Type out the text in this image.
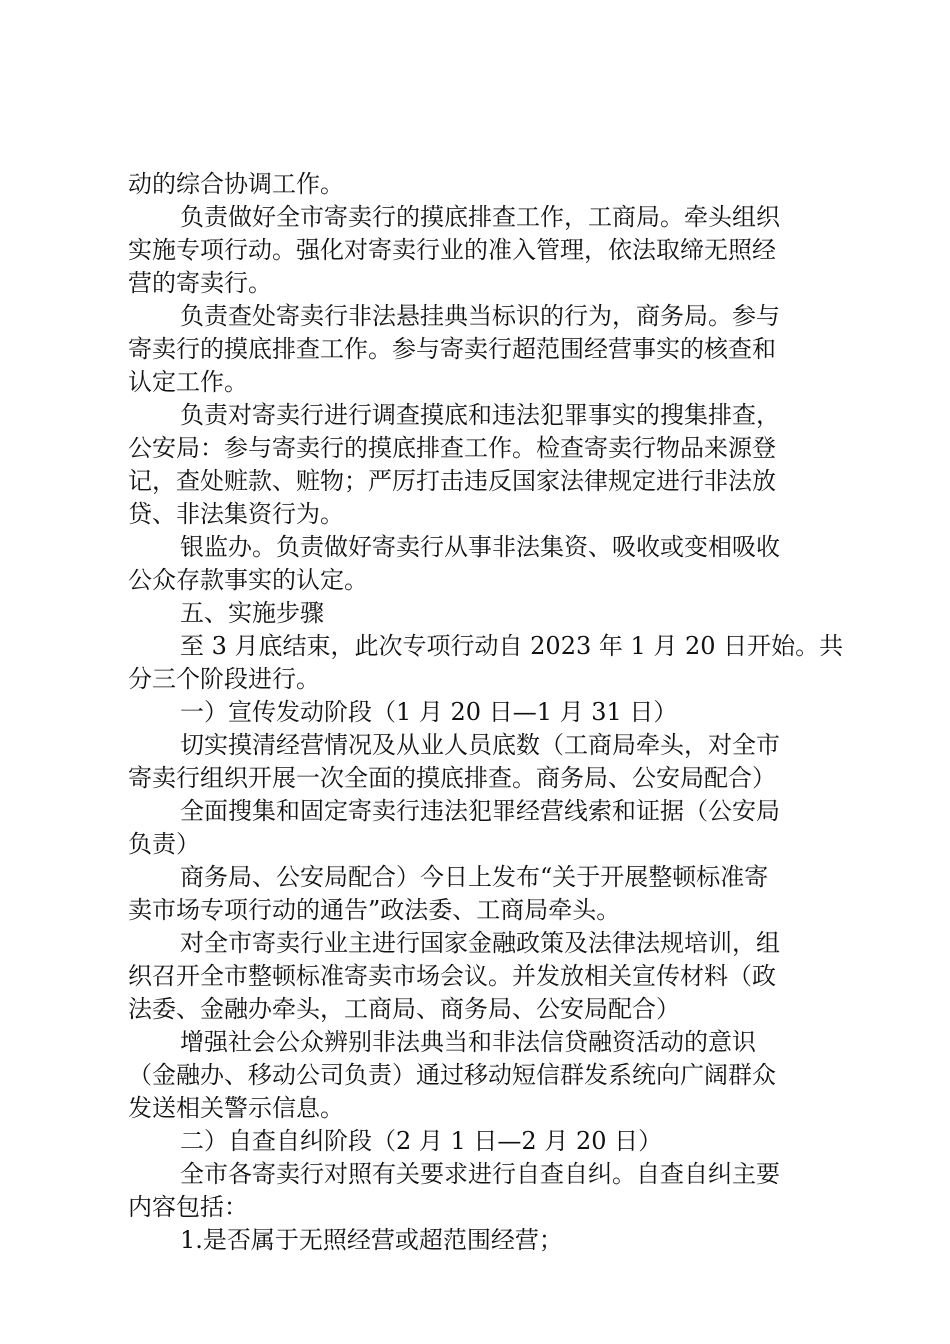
动的综合协调工作。
负责做好全市寄卖行的摸底排查工作，工商局。牵头组织
实施专项行动。强化对寄卖行业的准入管理，依法取缔无照经
营的寄卖行。
负责查处寄卖行非法悬挂典当标识的行为，商务局。参与
寄卖行的摸底排查工作。参与寄卖行超范围经营事实的核查和
认定工作。
负责对寄卖行进行调查摸底和违法犯罪事实的搜集排查，
公安局：参与寄卖行的摸底排查工作。检查寄卖行物品来源登
记，查处赃款、赃物；严厉打击违反国家法律规定进行非法放
贷、非法集资行为。
银监办。负责做好寄卖行从事非法集资、吸收或变相吸收
公众存款事实的认定。
五、实施步骤
至 3 月底结束，此次专项行动自 2023 年 1 月 20 日开始。共
分三个阶段进行。
一）宣传发动阶段（1 月 20 日—1 月 31 日）
切实摸清经营情况及从业人员底数（工商局牵头，对全市
寄卖行组织开展一次全面的摸底排查。商务局、公安局配合）
全面搜集和固定寄卖行违法犯罪经营线索和证据（公安局
负责）
商务局、公安局配合）今日上发布“关于开展整顿标准寄
卖市场专项行动的通告”政法委、工商局牵头。
对全市寄卖行业主进行国家金融政策及法律法规培训，组
织召开全市整顿标准寄卖市场会议。并发放相关宣传材料（政
法委、金融办牵头，工商局、商务局、公安局配合）
增强社会公众辨别非法典当和非法信贷融资活动的意识
（金融办、移动公司负责）通过移动短信群发系统向广阔群众
发送相关警示信息。
二）自查自纠阶段（2 月 1 日—2 月 20 日）
全市各寄卖行对照有关要求进行自查自纠。自查自纠主要
内容包括：
1.是否属于无照经营或超范围经营；
